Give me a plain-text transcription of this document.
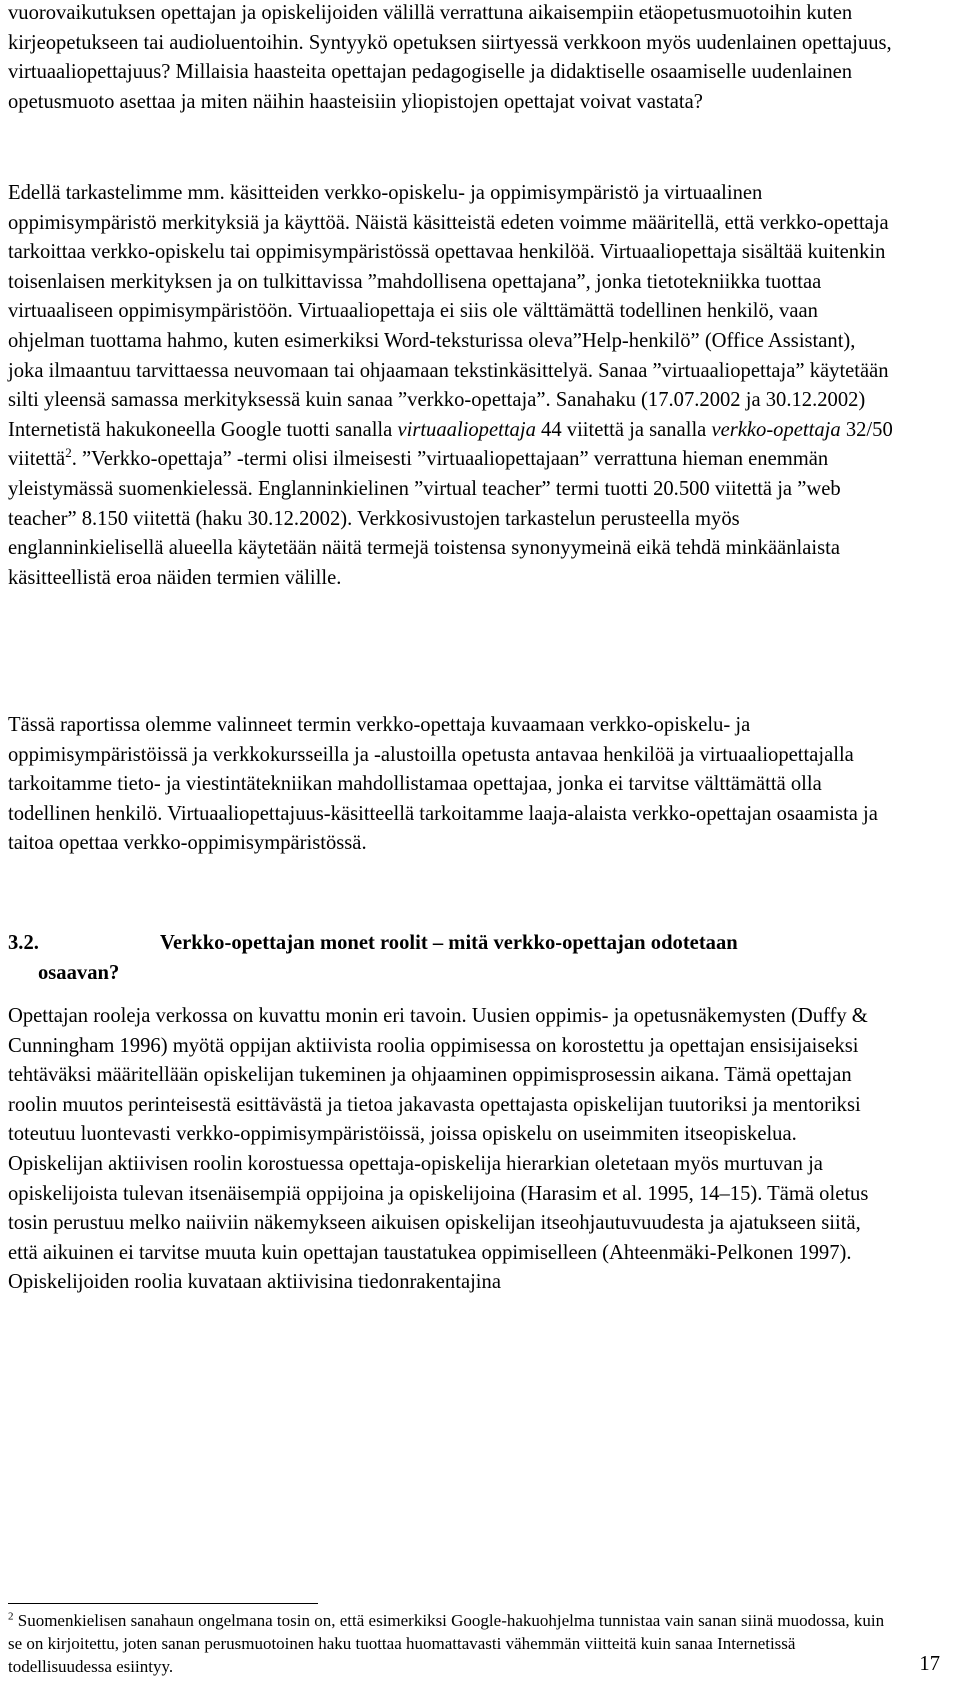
vuorovaikutuksen opettajan ja opiskelijoiden välillä verrattuna aikaisempiin etäopetusmuotoihin kuten kirjeopetukseen tai audioluentoihin. Syntyykö opetuksen siirtyessä verkkoon myös uudenlainen opettajuus, virtuaaliopettajuus? Millaisia haasteita opettajan pedagogiselle ja didaktiselle osaamiselle uudenlainen opetusmuoto asettaa ja miten näihin haasteisiin yliopistojen opettajat voivat vastata?

Edellä tarkastelimme mm. käsitteiden verkko-opiskelu- ja oppimisympäristö ja virtuaalinen oppimisympäristö merkityksiä ja käyttöä. Näistä käsitteistä edeten voimme määritellä, että verkko-opettaja tarkoittaa verkko-opiskelu tai oppimisympäristössä opettavaa henkilöä. Virtuaaliopettaja sisältää kuitenkin toisenlaisen merkityksen ja on tulkittavissa ”mahdollisena opettajana”, jonka tietotekniikka tuottaa virtuaaliseen oppimisympäristöön. Virtuaaliopettaja ei siis ole välttämättä todellinen henkilö, vaan ohjelman tuottama hahmo, kuten esimerkiksi Word-teksturissa oleva”Help-henkilö” (Office Assistant), joka ilmaantuu tarvittaessa neuvomaan tai ohjaamaan tekstinkäsittelyä. Sanaa ”virtuaaliopettaja” käytetään silti yleensä samassa merkityksessä kuin sanaa ”verkko-opettaja”. Sanahaku (17.07.2002 ja 30.12.2002) Internetistä hakukoneella Google tuotti sanalla virtuaaliopettaja 44 viitettä ja sanalla verkko-opettaja 32/50 viitettä$^2$. ”Verkko-opettaja” -termi olisi ilmeisesti ”virtuaaliopettajaan” verrattuna hieman enemmän yleistymässä suomenkielessä. Englanninkielinen ”virtual teacher” termi tuotti 20.500 viitettä ja ”web teacher” 8.150 viitettä (haku 30.12.2002). Verkkosivustojen tarkastelun perusteella myös englanninkielisellä alueella käytetään näitä termejä toistensa synonyymeinä eikä tehdä minkäänlaista käsitteellistä eroa näiden termien välille.

Tässä raportissa olemme valinneet termin verkko-opettaja kuvaamaan verkko-opiskelu- ja oppimisympäristöissä ja verkkokursseilla ja -alustoilla opetusta antavaa henkilöä ja virtuaaliopettajalla tarkoitamme tieto- ja viestintätekniikan mahdollistamaa opettajaa, jonka ei tarvitse välttämättä olla todellinen henkilö. Virtuaaliopettajuus-käsitteellä tarkoitamme laaja-alaista verkko-opettajan osaamista ja taitoa opettaa verkko-oppimisympäristössä.

3.2.	Verkko-opettajan monet roolit – mitä verkko-opettajan odotetaan
osaavan?

Opettajan rooleja verkossa on kuvattu monin eri tavoin. Uusien oppimis- ja opetusnäkemysten (Duffy & Cunningham 1996) myötä oppijan aktiivista roolia oppimisessa on korostettu ja opettajan ensisijaiseksi tehtäväksi määritellään opiskelijan tukeminen ja ohjaaminen oppimisprosessin aikana. Tämä opettajan roolin muutos perinteisestä esittävästä ja tietoa jakavasta opettajasta opiskelijan tuutoriksi ja mentoriksi toteutuu luontevasti verkko-oppimisympäristöissä, joissa opiskelu on useimmiten itseopiskelua. Opiskelijan aktiivisen roolin korostuessa opettaja-opiskelija hierarkian oletetaan myös murtuvan ja opiskelijoista tulevan itsenäisempiä oppijoina ja opiskelijoina (Harasim et al. 1995, 14–15). Tämä oletus tosin perustuu melko naiiviin näkemykseen aikuisen opiskelijan itseohjautuvuudesta ja ajatukseen siitä, että aikuinen ei tarvitse muuta kuin opettajan taustatukea oppimiselleen (Ahteenmäki-Pelkonen 1997). Opiskelijoiden roolia kuvataan aktiivisina tiedonrakentajina

$^2$ Suomenkielisen sanahaun ongelmana tosin on, että esimerkiksi Google-hakuohjelma tunnistaa vain sanan siinä muodossa, kuin se on kirjoitettu, joten sanan perusmuotoinen haku tuottaa huomattavasti vähemmän viitteitä kuin sanaa Internetissä todellisuudessa esiintyy.	17
